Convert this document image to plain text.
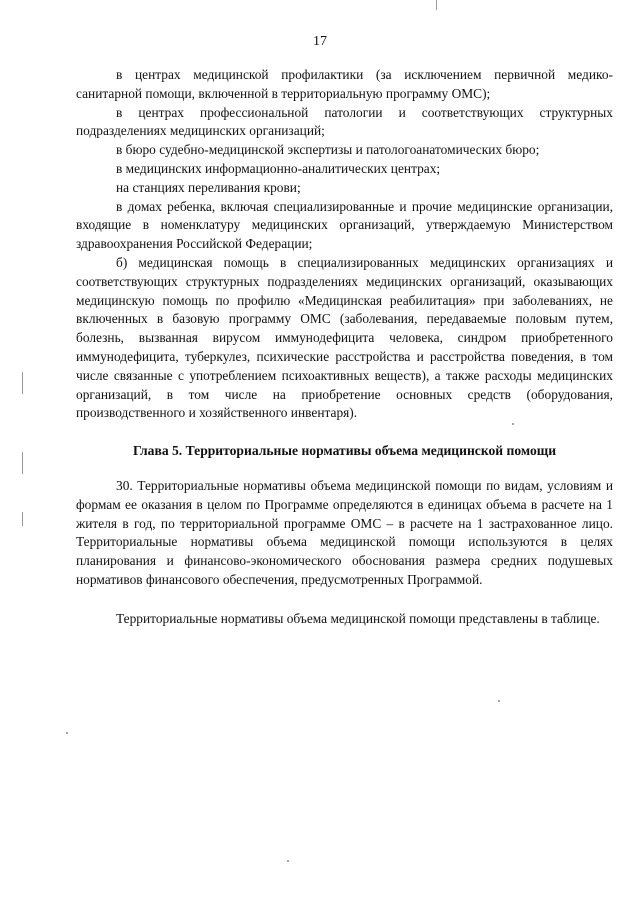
17

в центрах медицинской профилактики (за исключением первичной медико-санитарной помощи, включенной в территориальную программу ОМС);

в центрах профессиональной патологии и соответствующих структурных подразделениях медицинских организаций;

в бюро судебно-медицинской экспертизы и патологоанатомических бюро;

в медицинских информационно-аналитических центрах;

на станциях переливания крови;

в домах ребенка, включая специализированные и прочие медицинские организации, входящие в номенклатуру медицинских организаций, утверждаемую Министерством здравоохранения Российской Федерации;

б) медицинская помощь в специализированных медицинских организациях и соответствующих структурных подразделениях медицинских организаций, оказывающих медицинскую помощь по профилю «Медицинская реабилитация» при заболеваниях, не включенных в базовую программу ОМС (заболевания, передаваемые половым путем, болезнь, вызванная вирусом иммунодефицита человека, синдром приобретенного иммунодефицита, туберкулез, психические расстройства и расстройства поведения, в том числе связанные с употреблением психоактивных веществ), а также расходы медицинских организаций, в том числе на приобретение основных средств (оборудования, производственного и хозяйственного инвентаря).

Глава 5. Территориальные нормативы объема медицинской помощи

30. Территориальные нормативы объема медицинской помощи по видам, условиям и формам ее оказания в целом по Программе определяются в единицах объема в расчете на 1 жителя в год, по территориальной программе ОМС – в расчете на 1 застрахованное лицо. Территориальные нормативы объема медицинской помощи используются в целях планирования и финансово-экономического обоснования размера средних подушевых нормативов финансового обеспечения, предусмотренных Программой.

Территориальные нормативы объема медицинской помощи представлены в таблице.
